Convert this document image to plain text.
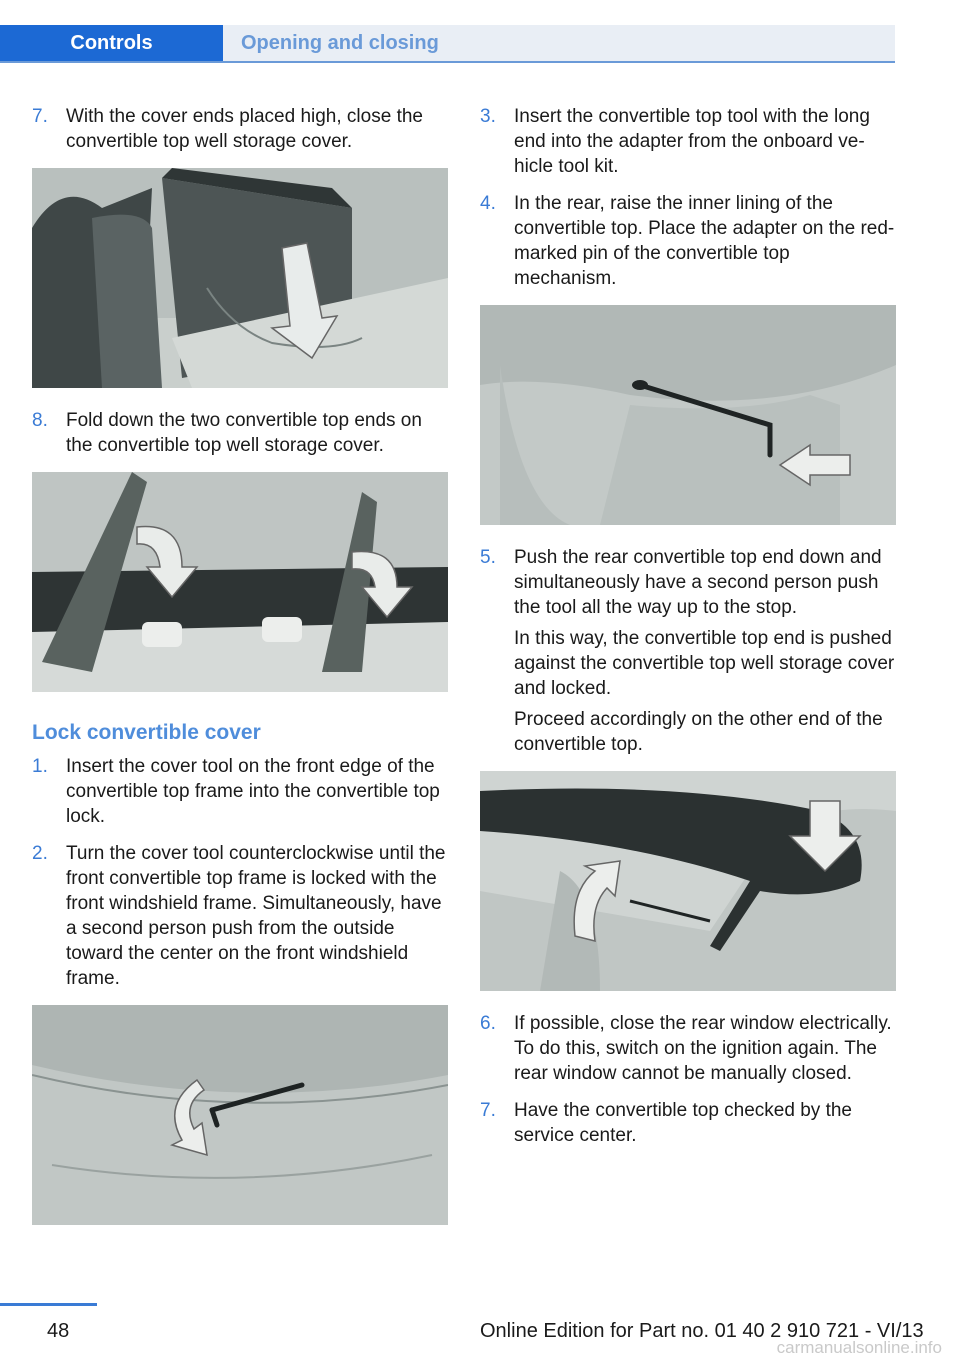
Controls	Opening and closing
7. With the cover ends placed high, close the convertible top well storage cover.

8. Fold down the two convertible top ends on the convertible top well storage cover.

Lock convertible cover
1. Insert the cover tool on the front edge of the convertible top frame into the convertible top lock.

2. Turn the cover tool counterclockwise until the front convertible top frame is locked with the front windshield frame. Simultaneously, have a second person push from the outside toward the center on the front windshield frame.

3. Insert the convertible top tool with the long end into the adapter from the onboard vehicle tool kit.

4. In the rear, raise the inner lining of the convertible top. Place the adapter on the red-marked pin of the convertible top mechanism.

5. Push the rear convertible top end down and simultaneously have a second person push the tool all the way up to the stop.

In this way, the convertible top end is pushed against the convertible top well storage cover and locked.

Proceed accordingly on the other end of the convertible top.

6. If possible, close the rear window electrically. To do this, switch on the ignition again. The rear window cannot be manually closed.

7. Have the convertible top checked by the service center.

48	Online Edition for Part no. 01 40 2 910 721 - VI/13
carmanualsonline.info
